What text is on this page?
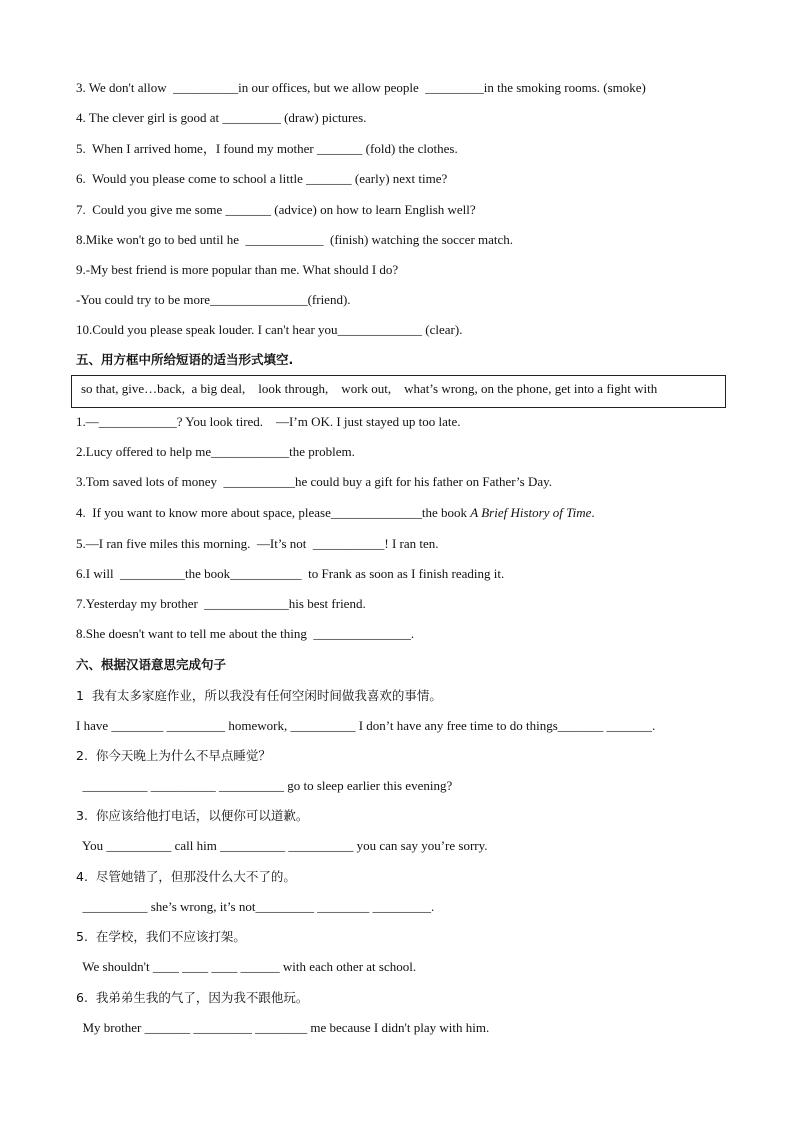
3. We don't allow  __________in our offices, but we allow people  _________in the smoking rooms. (smoke)
4. The clever girl is good at _________ (draw) pictures.
5.  When I arrived home，I found my mother _______ (fold) the clothes.
6.  Would you please come to school a little _______ (early) next time?
7.  Could you give me some _______ (advice) on how to learn English well?
8.Mike won't go to bed until he  ____________  (finish) watching the soccer match.
9.-My best friend is more popular than me. What should I do?
-You could try to be more_______________(friend).
10.Could you please speak louder. I can't hear you_____________ (clear).
五、用方框中所给短语的适当形式填空.
so that, give…back,  a big deal,    look through,    work out,    what’s wrong, on the phone, get into a fight with
1.—____________? You look tired.    —I’m OK. I just stayed up too late.
2.Lucy offered to help me____________the problem.
3.Tom saved lots of money  ___________he could buy a gift for his father on Father’s Day.
4.  If you want to know more about space, please______________the book A Brief History of Time.
5.—I ran five miles this morning.  —It’s not  ___________! I ran ten.
6.I will  __________the book___________  to Frank as soon as I finish reading it.
7.Yesterday my brother  _____________his best friend.
8.She doesn't want to tell me about the thing  _______________.
六、根据汉语意思完成句子
1  我有太多家庭作业，所以我没有任何空闲时间做我喜欢的事情。
I have ________ _________ homework, __________ I don’t have any free time to do things_______ _______.
2.  你今天晚上为什么不早点睡觉？
__________ __________ __________ go to sleep earlier this evening?
3.  你应该给他打电话，以便你可以道歉。
You __________ call him __________ __________ you can say you’re sorry.
4.  尽管她错了，但那没什么大不了的。
__________ she’s wrong, it’s not_________ ________ _________.
5.  在学校，我们不应该打架。
We shouldn't ____ ____ ____ ______ with each other at school.
6.  我弟弟生我的气了，因为我不跟他玩。
My brother _______ _________ ________ me because I didn't play with him.
